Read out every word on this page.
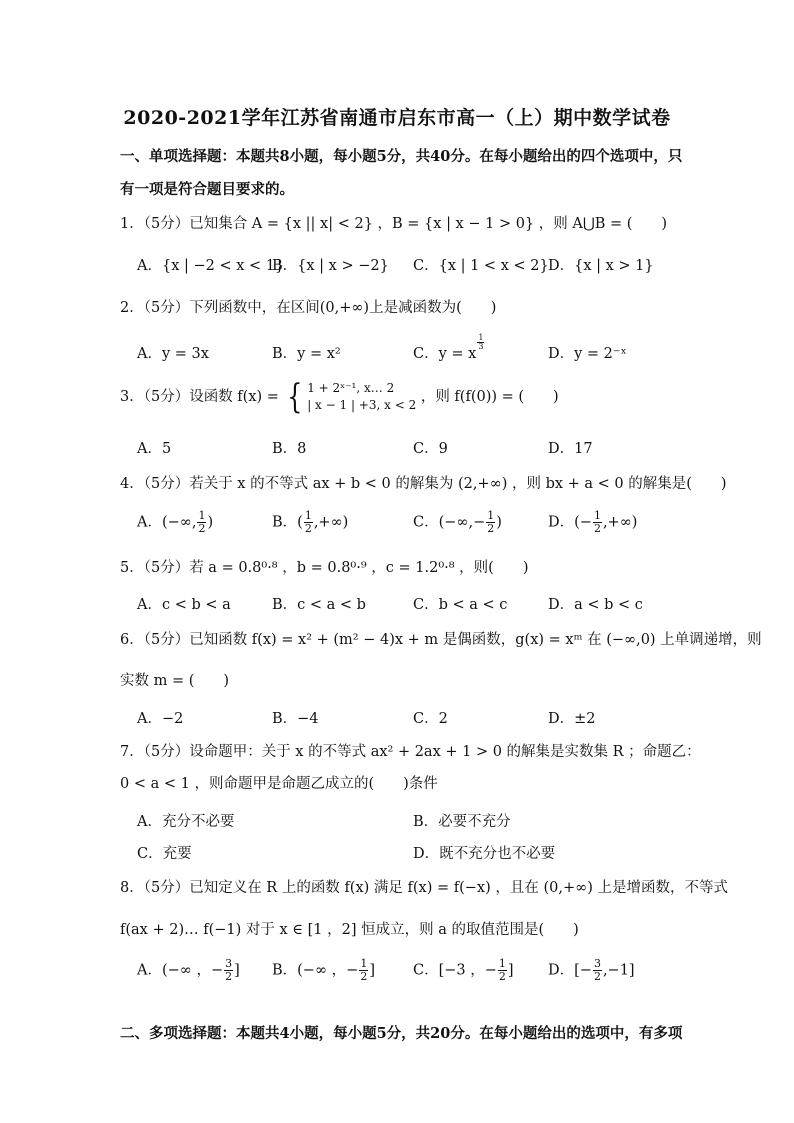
2020-2021学年江苏省南通市启东市高一（上）期中数学试卷
一、单项选择题：本题共8小题，每小题5分，共40分。在每小题给出的四个选项中，只
有一项是符合题目要求的。
1．（5分）已知集合 A = {x || x| < 2} ，B = {x | x − 1 > 0} ，则 A⋃B = (　　)
A．{x | −2 < x < 1}
B．{x | x > −2} C．{x | 1 < x < 2} D．{x | x > 1}
2．（5分）下列函数中，在区间(0,+∞)上是减函数为(　　)
A．y = 3x	B．y = x²	C．y = x
$\frac{1}{3}$
D．y = 2⁻ˣ
3．（5分）设函数 f(x) = { 1 + 2ˣ⁻¹, x… 2
| x − 1 | +3, x < 2 ，则 f(f(0)) = (　　)
A．5	B．8	C．9	D．17
4．（5分）若关于 x 的不等式 ax + b < 0 的解集为 (2,+∞) ，则 bx + a < 0 的解集是(　　)
A．(−∞, $\frac{1}{2}$ )	B．( $\frac{1}{2}$ ,+∞)	C．(−∞,− $\frac{1}{2}$ )	D．(− $\frac{1}{2}$ ,+∞)
5．（5分）若 a = 0.8⁰·⁸ ，b = 0.8⁰·⁹ ，c = 1.2⁰·⁸ ，则(　　)
A．c < b < a	B．c < a < b	C．b < a < c	D．a < b < c
6．（5分）已知函数 f(x) = x² + (m² − 4)x + m 是偶函数，g(x) = xᵐ 在 (−∞,0) 上单调递增，则
实数 m = (　　)
A．−2	B．−4	C．2	D．±2
7．（5分）设命题甲：关于 x 的不等式 ax² + 2ax + 1 > 0 的解集是实数集 R ；命题乙：
0 < a < 1 ，则命题甲是命题乙成立的(　　)条件
A．充分不必要	B．必要不充分
C．充要	D．既不充分也不必要
8．（5分）已知定义在 R 上的函数 f(x) 满足 f(x) = f(−x) ，且在 (0,+∞) 上是增函数，不等式
f(ax + 2)… f(−1) 对于 x ∈ [1 ，2] 恒成立，则 a 的取值范围是(　　)
A．(−∞ ，− $\frac{3}{2}$ ] B．(−∞ ，− $\frac{1}{2}$ ]	C．[−3 ，− $\frac{1}{2}$ ] D．[− $\frac{3}{2} ,-1$]
二、多项选择题：本题共4小题，每小题5分，共20分。在每小题给出的选项中，有多项
